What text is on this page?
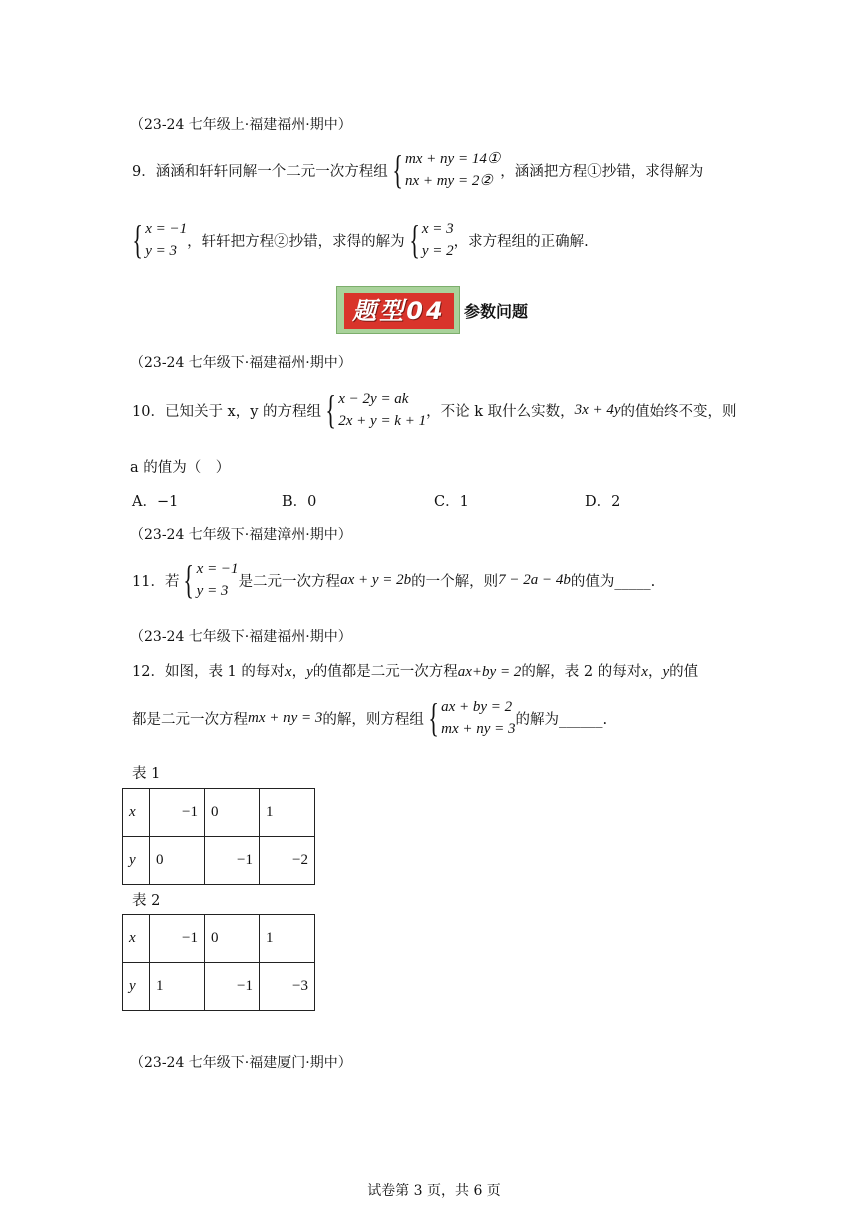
（23-24 七年级上·福建福州·期中）
9．涵涵和轩轩同解一个二元一次方程组 { mx + ny = 14①
nx + my = 2②
，涵涵把方程①抄错，求得解为
{ x = −1
y = 3
，轩轩把方程②抄错，求得的解为 { x = 3
y = 2
，求方程组的正确解.
题型04	参数问题
（23-24 七年级下·福建福州·期中）
10．已知关于 x，y 的方程组 { x − 2y = ak
2x + y = k + 1
，不论 k 取什么实数， 3x + 4y 的值始终不变，则
a 的值为（　）
A．−1	B．0	C．1	D．2
（23-24 七年级下·福建漳州·期中）
11．若 { x = −1
y = 3
是二元一次方程 ax + y = 2b 的一个解，则 7 − 2a − 4b 的值为_____.
（23-24 七年级下·福建福州·期中）
12．如图，表 1 的每对x，y的值都是二元一次方程ax+by = 2的解，表 2 的每对x，y的值
都是二元一次方程 mx + ny = 3 的解，则方程组 { ax + by = 2
mx + ny = 3
的解为______.
表 1
x	−1	0	1
y	0	−1	−2
表 2
x	−1	0	1
y	1	−1	−3
（23-24 七年级下·福建厦门·期中）
试卷第 3 页，共 6 页
